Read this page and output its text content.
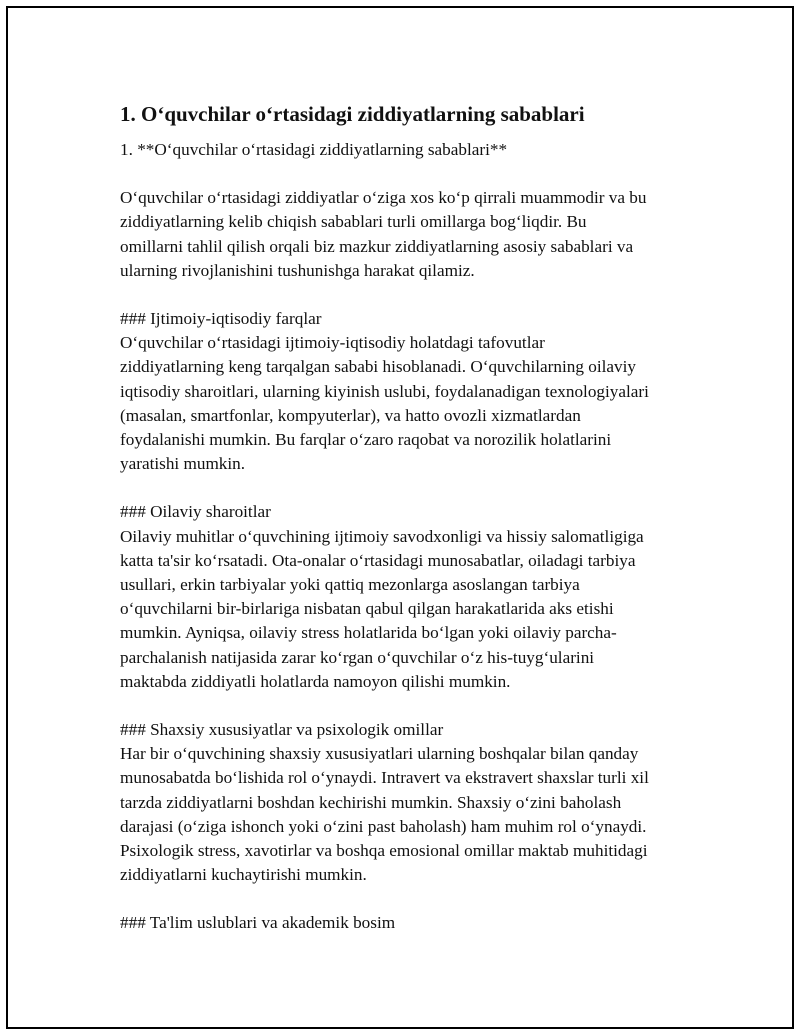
1. O‘quvchilar o‘rtasidagi ziddiyatlarning sabablari

1. **O‘quvchilar o‘rtasidagi ziddiyatlarning sabablari**

O‘quvchilar o‘rtasidagi ziddiyatlar o‘ziga xos ko‘p qirrali muammodir va bu

ziddiyatlarning kelib chiqish sabablari turli omillarga bog‘liqdir. Bu

omillarni tahlil qilish orqali biz mazkur ziddiyatlarning asosiy sabablari va

ularning rivojlanishini tushunishga harakat qilamiz.

### Ijtimoiy-iqtisodiy farqlar

O‘quvchilar o‘rtasidagi ijtimoiy-iqtisodiy holatdagi tafovutlar

ziddiyatlarning keng tarqalgan sababi hisoblanadi. O‘quvchilarning oilaviy

iqtisodiy sharoitlari, ularning kiyinish uslubi, foydalanadigan texnologiyalari

(masalan, smartfonlar, kompyuterlar), va hatto ovozli xizmatlardan

foydalanishi mumkin. Bu farqlar o‘zaro raqobat va norozilik holatlarini

yaratishi mumkin.

### Oilaviy sharoitlar

Oilaviy muhitlar o‘quvchining ijtimoiy savodxonligi va hissiy salomatligiga

katta ta'sir ko‘rsatadi. Ota-onalar o‘rtasidagi munosabatlar, oiladagi tarbiya

usullari, erkin tarbiyalar yoki qattiq mezonlarga asoslangan tarbiya

o‘quvchilarni bir-birlariga nisbatan qabul qilgan harakatlarida aks etishi

mumkin. Ayniqsa, oilaviy stress holatlarida bo‘lgan yoki oilaviy parcha-

parchalanish natijasida zarar ko‘rgan o‘quvchilar o‘z his-tuyg‘ularini

maktabda ziddiyatli holatlarda namoyon qilishi mumkin.

### Shaxsiy xususiyatlar va psixologik omillar

Har bir o‘quvchining shaxsiy xususiyatlari ularning boshqalar bilan qanday

munosabatda bo‘lishida rol o‘ynaydi. Intravert va ekstravert shaxslar turli xil

tarzda ziddiyatlarni boshdan kechirishi mumkin. Shaxsiy o‘zini baholash

darajasi (o‘ziga ishonch yoki o‘zini past baholash) ham muhim rol o‘ynaydi.

Psixologik stress, xavotirlar va boshqa emosional omillar maktab muhitidagi

ziddiyatlarni kuchaytirishi mumkin.

### Ta'lim uslublari va akademik bosim
